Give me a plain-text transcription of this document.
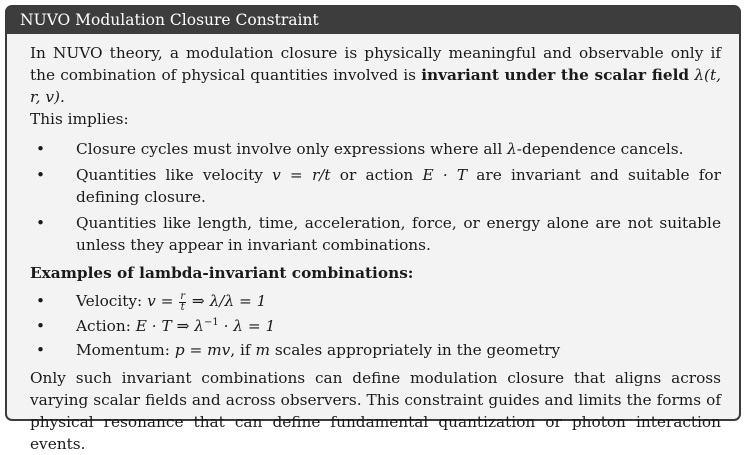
NUVO Modulation Closure Constraint

In NUVO theory, a modulation closure is physically meaningful and observable only if the combination of physical quantities involved is invariant under the scalar field λ(t, r, v).
This implies:

• Closure cycles must involve only expressions where all λ-dependence cancels.
• Quantities like velocity v = r/t or action E · T are invariant and suitable for defining closure.
• Quantities like length, time, acceleration, force, or energy alone are not suitable unless they appear in invariant combinations.

Examples of lambda-invariant combinations:

• Velocity: $v = \frac{r}{t}$ ⇒ λ/λ = 1
• Action: E · T ⇒ $\lambda^{-1} \cdot \lambda = 1$
• Momentum: p = mv, if m scales appropriately in the geometry

Only such invariant combinations can define modulation closure that aligns across varying scalar fields and across observers. This constraint guides and limits the forms of physical resonance that can define fundamental quantization or photon interaction events.
